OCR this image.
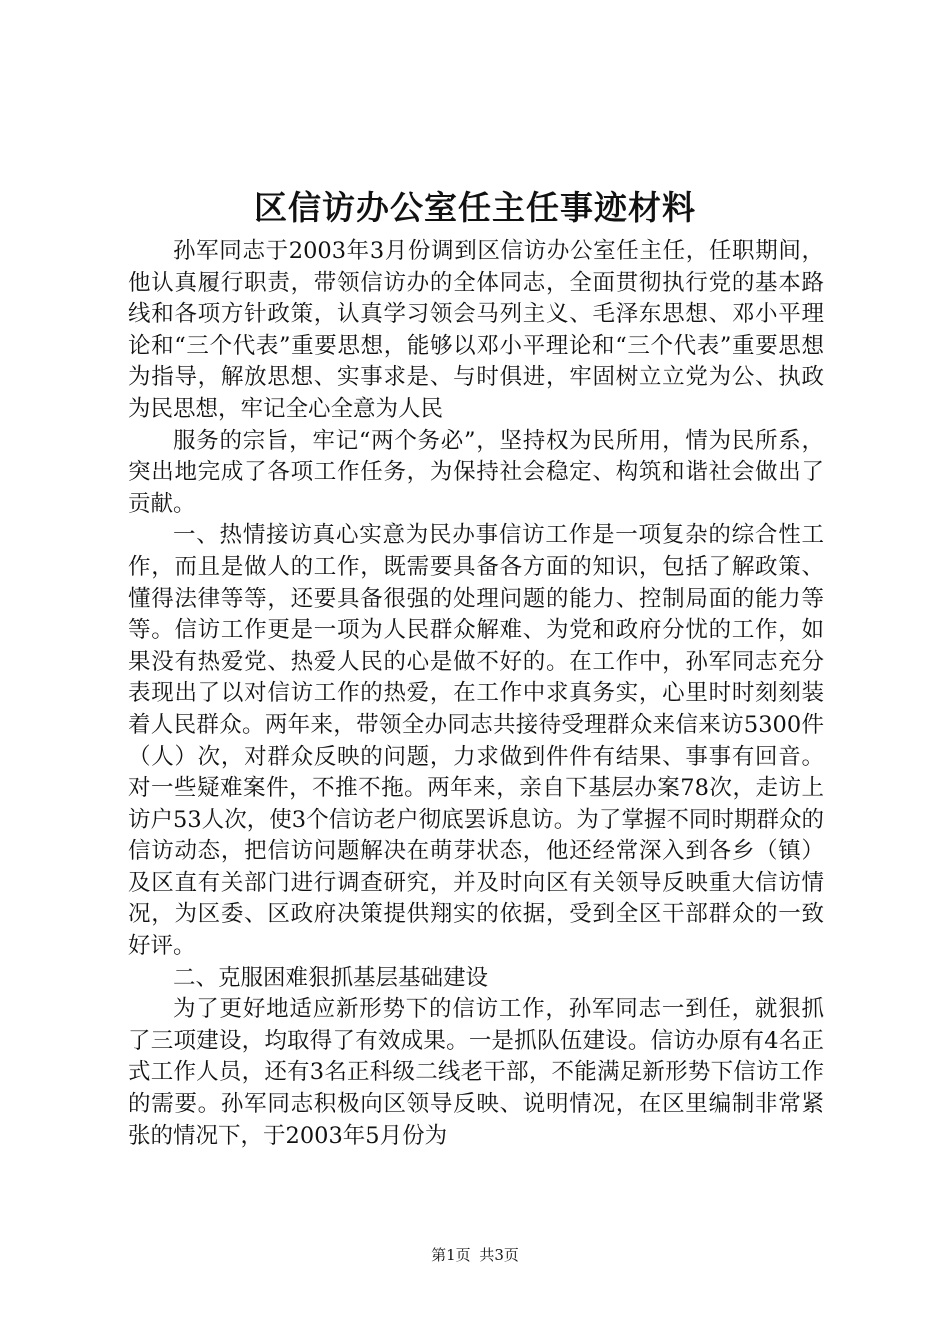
区信访办公室任主任事迹材料

孙军同志于2003年3月份调到区信访办公室任主任，任职期间，他认真履行职责，带领信访办的全体同志，全面贯彻执行党的基本路线和各项方针政策，认真学习领会马列主义、毛泽东思想、邓小平理论和“三个代表”重要思想，能够以邓小平理论和“三个代表”重要思想为指导，解放思想、实事求是、与时俱进，牢固树立立党为公、执政为民思想，牢记全心全意为人民

服务的宗旨，牢记“两个务必”，坚持权为民所用，情为民所系，突出地完成了各项工作任务，为保持社会稳定、构筑和谐社会做出了贡献。

一、热情接访真心实意为民办事信访工作是一项复杂的综合性工作，而且是做人的工作，既需要具备各方面的知识，包括了解政策、懂得法律等等，还要具备很强的处理问题的能力、控制局面的能力等等。信访工作更是一项为人民群众解难、为党和政府分忧的工作，如果没有热爱党、热爱人民的心是做不好的。在工作中，孙军同志充分表现出了以对信访工作的热爱，在工作中求真务实，心里时时刻刻装着人民群众。两年来，带领全办同志共接待受理群众来信来访5300件（人）次，对群众反映的问题，力求做到件件有结果、事事有回音。对一些疑难案件，不推不拖。两年来，亲自下基层办案78次，走访上访户53人次，使3个信访老户彻底罢诉息访。为了掌握不同时期群众的信访动态，把信访问题解决在萌芽状态，他还经常深入到各乡（镇）及区直有关部门进行调查研究，并及时向区有关领导反映重大信访情况，为区委、区政府决策提供翔实的依据，受到全区干部群众的一致好评。

二、克服困难狠抓基层基础建设

为了更好地适应新形势下的信访工作，孙军同志一到任，就狠抓了三项建设，均取得了有效成果。一是抓队伍建设。信访办原有4名正式工作人员，还有3名正科级二线老干部，不能满足新形势下信访工作的需要。孙军同志积极向区领导反映、说明情况，在区里编制非常紧张的情况下，于2003年5月份为

第1页 共3页
